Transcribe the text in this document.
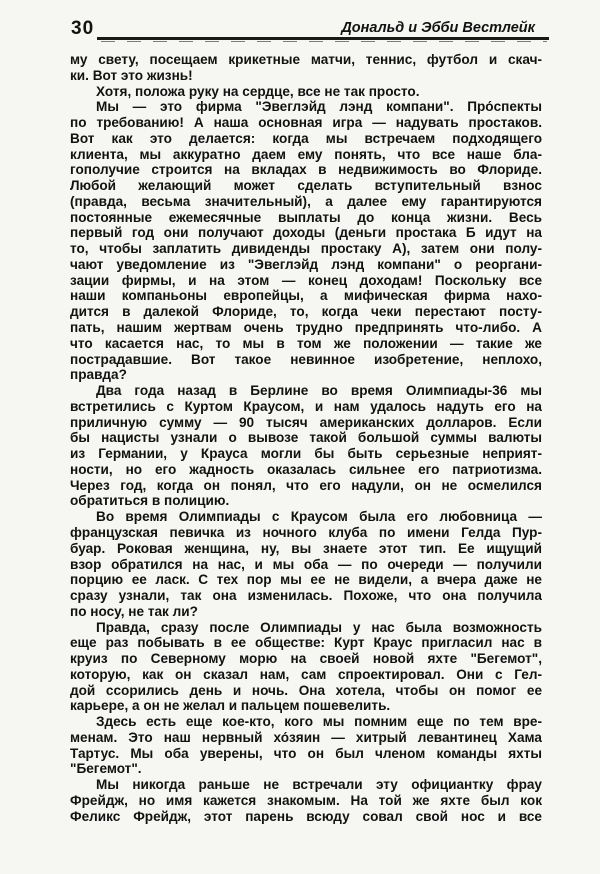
30	Дональд и Эбби Вестлейк
му свету, посещаем крикетные матчи, теннис, футбол и скач-
ки. Вот это жизнь!
Хотя, положа руку на сердце, все не так просто.
Мы — это фирма "Эвеглэйд лэнд компани". Про́спекты
по требованию! А наша основная игра — надувать простаков.
Вот как это делается: когда мы встречаем подходящего
клиента, мы аккуратно даем ему понять, что все наше бла-
гополучие строится на вкладах в недвижимость во Флориде.
Любой желающий может сделать вступительный взнос
(правда, весьма значительный), а далее ему гарантируются
постоянные ежемесячные выплаты до конца жизни. Весь
первый год они получают доходы (деньги простака Б идут на
то, чтобы заплатить дивиденды простаку А), затем они полу-
чают уведомление из "Эвеглэйд лэнд компани" о реоргани-
зации фирмы, и на этом — конец доходам! Поскольку все
наши компаньоны европейцы, а мифическая фирма нахо-
дится в далекой Флориде, то, когда чеки перестают посту-
пать, нашим жертвам очень трудно предпринять что-либо. А
что касается нас, то мы в том же положении — такие же
пострадавшие. Вот такое невинное изобретение, неплохо,
правда?
Два года назад в Берлине во время Олимпиады-36 мы
встретились с Куртом Краусом, и нам удалось надуть его на
приличную сумму — 90 тысяч американских долларов. Если
бы нацисты узнали о вывозе такой большой суммы валюты
из Германии, у Крауса могли бы быть серьезные неприят-
ности, но его жадность оказалась сильнее его патриотизма.
Через год, когда он понял, что его надули, он не осмелился
обратиться в полицию.
Во время Олимпиады с Краусом была его любовница —
французская певичка из ночного клуба по имени Гелда Пур-
буар. Роковая женщина, ну, вы знаете этот тип. Ее ищущий
взор обратился на нас, и мы оба — по очереди — получили
порцию ее ласк. С тех пор мы ее не видели, а вчера даже не
сразу узнали, так она изменилась. Похоже, что она получила
по носу, не так ли?
Правда, сразу после Олимпиады у нас была возможность
еще раз побывать в ее обществе: Курт Краус пригласил нас в
круиз по Северному морю на своей новой яхте "Бегемот",
которую, как он сказал нам, сам спроектировал. Они с Гел-
дой ссорились день и ночь. Она хотела, чтобы он помог ее
карьере, а он не желал и пальцем пошевелить.
Здесь есть еще кое-кто, кого мы помним еще по тем вре-
менам. Это наш нервный хо́зяин — хитрый левантинец Хама
Тартус. Мы оба уверены, что он был членом команды яхты
"Бегемот".
Мы никогда раньше не встречали эту официантку фрау
Фрейдж, но имя кажется знакомым. На той же яхте был кок
Феликс Фрейдж, этот парень всюду совал свой нос и все
